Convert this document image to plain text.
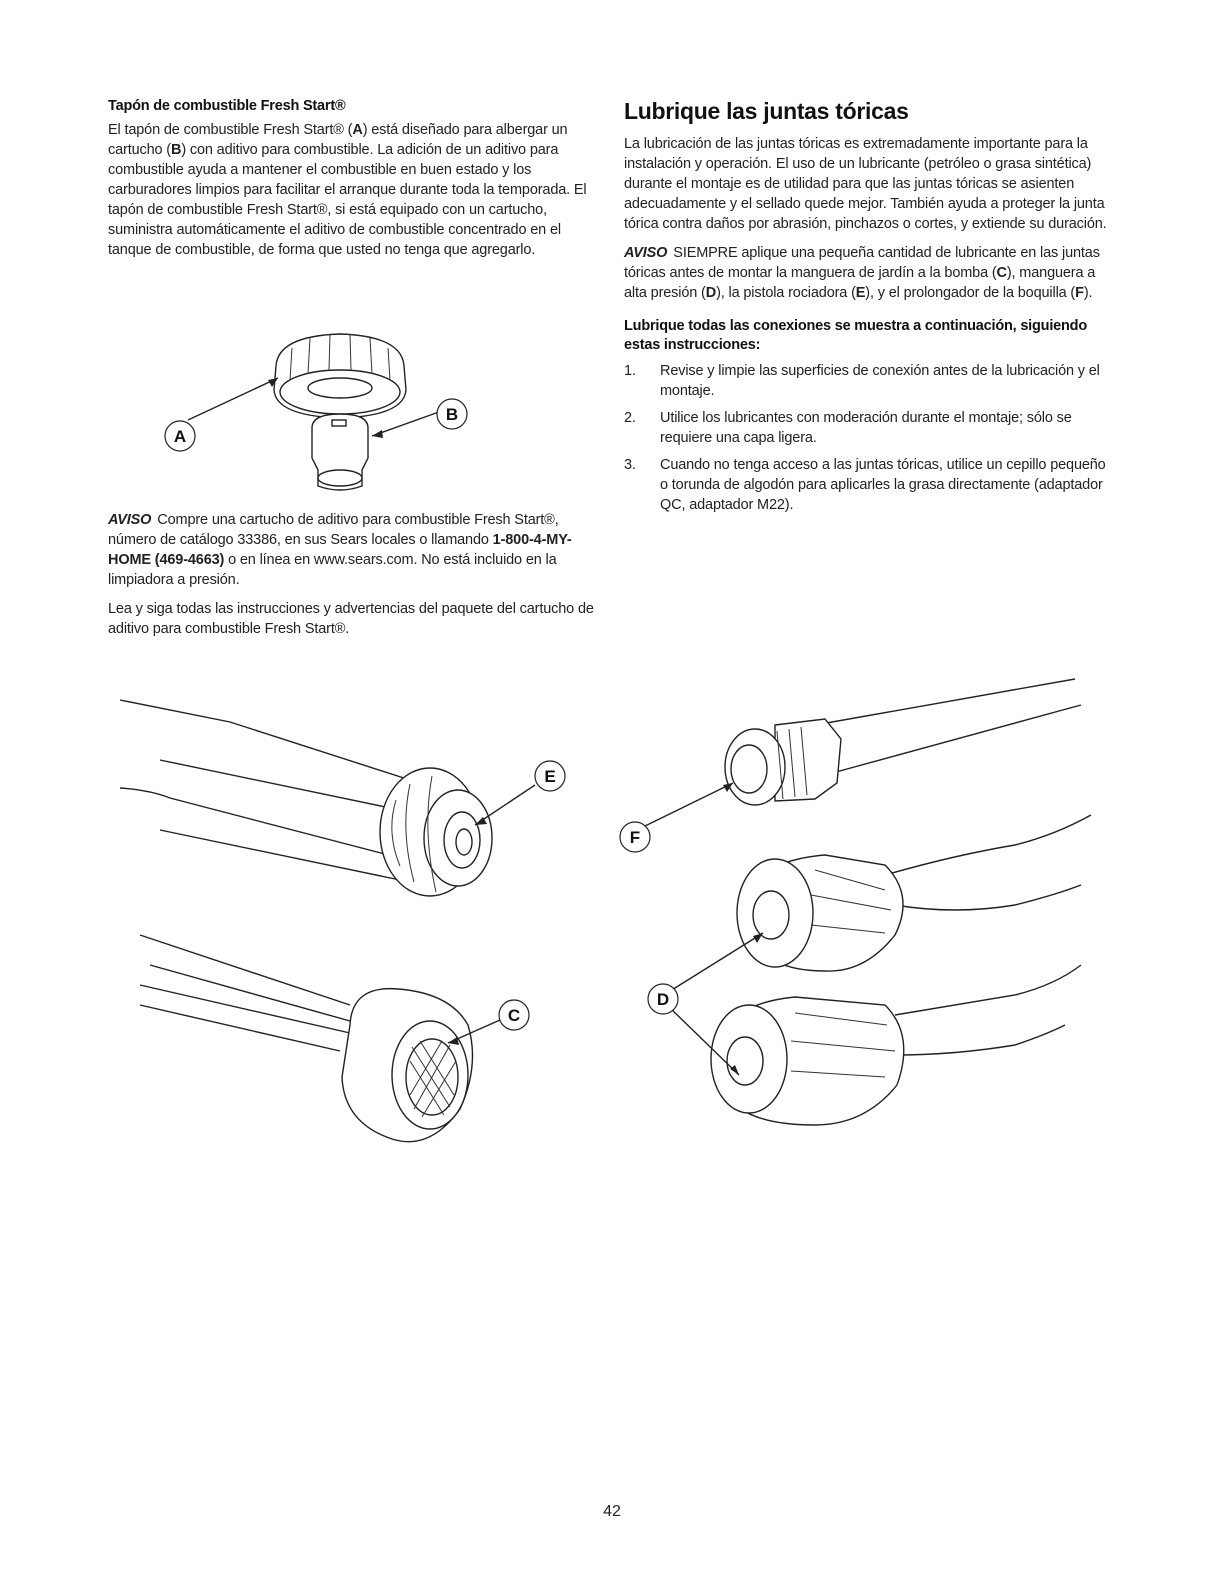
Tapón de combustible Fresh Start®

El tapón de combustible Fresh Start® (A) está diseñado para albergar un cartucho (B) con aditivo para combustible. La adición de un aditivo para combustible ayuda a mantener el combustible en buen estado y los carburadores limpios para facilitar el arranque durante toda la temporada. El tapón de combustible Fresh Start®, si está equipado con un cartucho, suministra automáticamente el aditivo de combustible concentrado en el tanque de combustible, de forma que usted no tenga que agregarlo.

A
B

AVISO Compre una cartucho de aditivo para combustible Fresh Start®, número de catálogo 33386, en sus Sears locales o llamando 1-800-4-MY-HOME (469-4663) o en línea en www.sears.com. No está incluido en la limpiadora a presión.

Lea y siga todas las instrucciones y advertencias del paquete del cartucho de aditivo para combustible Fresh Start®.

Lubrique las juntas tóricas

La lubricación de las juntas tóricas es extremadamente importante para la instalación y operación. El uso de un lubricante (petróleo o grasa sintética) durante el montaje es de utilidad para que las juntas tóricas se asienten adecuadamente y el sellado quede mejor. También ayuda a proteger la junta tórica contra daños por abrasión, pinchazos o cortes, y extiende su duración.

AVISO SIEMPRE aplique una pequeña cantidad de lubricante en las juntas tóricas antes de montar la manguera de jardín a la bomba (C), manguera a alta presión (D), la pistola rociadora (E), y el prolongador de la boquilla (F).

Lubrique todas las conexiones se muestra a continuación, siguiendo estas instrucciones:
1. Revise y limpie las superficies de conexión antes de la lubricación y el montaje.
2. Utilice los lubricantes con moderación durante el montaje; sólo se requiere una capa ligera.
3. Cuando no tenga acceso a las juntas tóricas, utilice un cepillo pequeño o torunda de algodón para aplicarles la grasa directamente (adaptador QC, adaptador M22).
E
C
F
D
42
